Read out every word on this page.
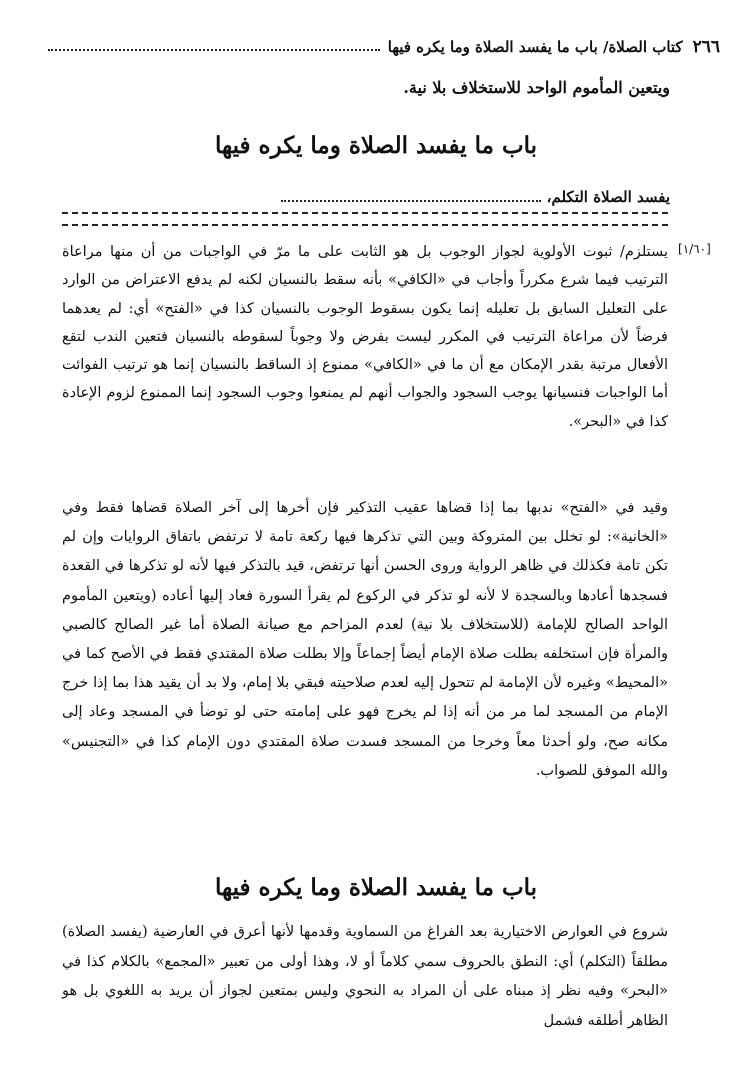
٢٦٦
كتاب الصلاة/ باب ما يفسد الصلاة وما يكره فيها
ويتعين المأموم الواحد للاستخلاف بلا نية.
باب ما يفسد الصلاة وما يكره فيها
يفسد الصلاة التكلم،
[١/٦٠]
يستلزم/ ثبوت الأولوية لجواز الوجوب بل هو الثابت على ما مرّ في الواجبات من أن منها مراعاة الترتيب فيما شرع مكرراً وأجاب في «الكافي» بأنه سقط بالنسيان لكنه لم يدفع الاعتراض من الوارد على التعليل السابق بل تعليله إنما يكون بسقوط الوجوب بالنسيان كذا في «الفتح» أي: لم يعدهما فرضاً لأن مراعاة الترتيب في المكرر ليست بفرض ولا وجوباً لسقوطه بالنسيان فتعين الندب لتقع الأفعال مرتبة بقدر الإمكان مع أن ما في «الكافي» ممنوع إذ الساقط بالنسيان إنما هو ترتيب الفوائت أما الواجبات فنسيانها يوجب السجود والجواب أنهم لم يمنعوا وجوب السجود إنما الممنوع لزوم الإعادة كذا في «البحر».
وقيد في «الفتح» ندبها بما إذا قضاها عقيب التذكير فإن أخرها إلى آخر الصلاة قضاها فقط وفي «الخانية»: لو تخلل بين المتروكة وبين التي تذكرها فيها ركعة تامة لا ترتفض باتفاق الروايات وإن لم تكن تامة فكذلك في ظاهر الرواية وروى الحسن أنها ترتفض، قيد بالتذكر فيها لأنه لو تذكرها في القعدة فسجدها أعادها وبالسجدة لا لأنه لو تذكر في الركوع لم يقرأ السورة فعاد إليها أعاده (ويتعين المأموم الواحد الصالح للإمامة (للاستخلاف بلا نية) لعدم المزاحم مع صيانة الصلاة أما غير الصالح كالصبي والمرأة فإن استخلفه بطلت صلاة الإمام أيضاً إجماعاً وإلا بطلت صلاة المقتدي فقط في الأصح كما في «المحيط» وغيره لأن الإمامة لم تتحول إليه لعدم صلاحيته فبقي بلا إمام، ولا بد أن يقيد هذا بما إذا خرج الإمام من المسجد لما مر من أنه إذا لم يخرج فهو على إمامته حتى لو توضأ في المسجد وعاد إلى مكانه صح، ولو أحدثا معاً وخرجا من المسجد فسدت صلاة المقتدي دون الإمام كذا في «التجنيس» والله الموفق للصواب.
باب ما يفسد الصلاة وما يكره فيها
شروع في العوارض الاختيارية بعد الفراغ من السماوية وقدمها لأنها أعرق في العارضية (يفسد الصلاة) مطلقاً (التكلم) أي: النطق بالحروف سمي كلاماً أو لا، وهذا أولى من تعبير «المجمع» بالكلام كذا في «البحر» وفيه نظر إذ مبناه على أن المراد به النحوي وليس بمتعين لجواز أن يريد به اللغوي بل هو الظاهر أطلقه فشمل
